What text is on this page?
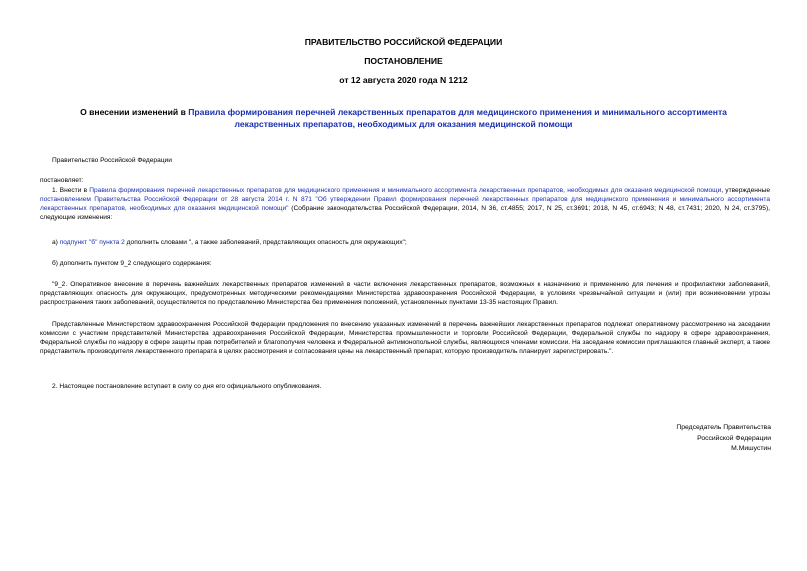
ПРАВИТЕЛЬСТВО РОССИЙСКОЙ ФЕДЕРАЦИИ
ПОСТАНОВЛЕНИЕ
от 12 августа 2020 года N 1212
О внесении изменений в Правила формирования перечней лекарственных препаратов для медицинского применения и минимального ассортимента лекарственных препаратов, необходимых для оказания медицинской помощи
Правительство Российской Федерации
постановляет:
1. Внести в Правила формирования перечней лекарственных препаратов для медицинского применения и минимального ассортимента лекарственных препаратов, необходимых для оказания медицинской помощи, утвержденные постановлением Правительства Российской Федерации от 28 августа 2014 г. N 871 "Об утверждении Правил формирования перечней лекарственных препаратов для медицинского применения и минимального ассортимента лекарственных препаратов, необходимых для оказания медицинской помощи" (Собрание законодательства Российской Федерации, 2014, N 36, ст.4855; 2017, N 25, ст.3691; 2018, N 45, ст.6943; N 48, ст.7431; 2020, N 24, ст.3795), следующие изменения:
а) подпункт "б" пункта 2 дополнить словами ", а также заболеваний, представляющих опасность для окружающих";
б) дополнить пунктом 9_2 следующего содержания:
"9_2. Оперативное внесение в перечень важнейших лекарственных препаратов изменений в части включения лекарственных препаратов, возможных к назначению и применению для лечения и профилактики заболеваний, представляющих опасность для окружающих, предусмотренных методическими рекомендациями Министерства здравоохранения Российской Федерации, в условиях чрезвычайной ситуации и (или) при возникновении угрозы распространения таких заболеваний, осуществляется по представлению Министерства без применения положений, установленных пунктами 13-35 настоящих Правил.
Представленные Министерством здравоохранения Российской Федерации предложения по внесению указанных изменений в перечень важнейших лекарственных препаратов подлежат оперативному рассмотрению на заседании комиссии с участием представителей Министерства здравоохранения Российской Федерации, Министерства промышленности и торговли Российской Федерации, Федеральной службы по надзору в сфере здравоохранения, Федеральной службы по надзору в сфере защиты прав потребителей и благополучия человека и Федеральной антимонопольной службы, являющихся членами комиссии. На заседание комиссии приглашаются главный эксперт, а также представитель производителя лекарственного препарата в целях рассмотрения и согласования цены на лекарственный препарат, которую производитель планирует зарегистрировать.".
2. Настоящее постановление вступает в силу со дня его официального опубликования.
Председатель Правительства
Российской Федерации
М.Мишустин
